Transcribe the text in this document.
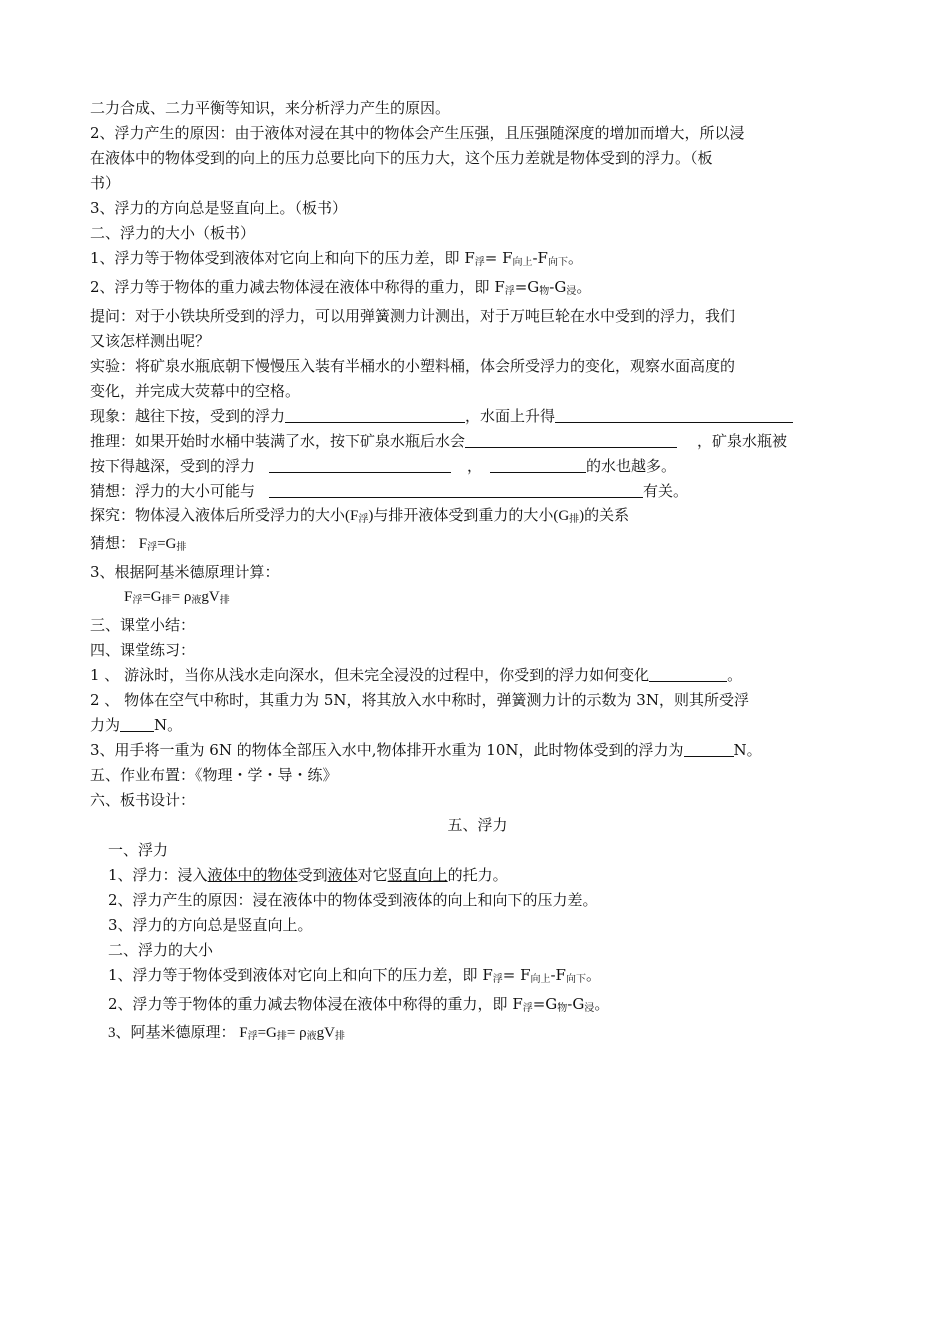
二力合成、二力平衡等知识，来分析浮力产生的原因。
2、浮力产生的原因：由于液体对浸在其中的物体会产生压强，且压强随深度的增加而增大，所以浸
在液体中的物体受到的向上的压力总要比向下的压力大，这个压力差就是物体受到的浮力。（板
书）
3、浮力的方向总是竖直向上。（板书）
二、浮力的大小（板书）
1、浮力等于物体受到液体对它向上和向下的压力差，即 $F_浮= F_{向上}-F_{向下}$。
2、浮力等于物体的重力减去物体浸在液体中称得的重力，即 $F_浮=G_物-G_浸$。
提问：对于小铁块所受到的浮力，可以用弹簧测力计测出，对于万吨巨轮在水中受到的浮力，我们
又该怎样测出呢？
实验：将矿泉水瓶底朝下慢慢压入装有半桶水的小塑料桶，体会所受浮力的变化，观察水面高度的
变化，并完成大荧幕中的空格。
现象：越往下按，受到的浮力	，水面上升得
推理：如果开始时水桶中装满了水，按下矿泉水瓶后水会	，矿泉水瓶被
按下得越深，受到的浮力	，	的水也越多。
猜想：浮力的大小可能与	有关。
探究：物体浸入液体后所受浮力的大小$(F_浮)$与排开液体受到重力的大小$(G_排)$的关系
猜想： $F_浮=G_排$
3、根据阿基米德原理计算：
$F_浮=G_排= \rho_液gV_排$
三、课堂小结：
四、课堂练习：
1 、 游泳时，当你从浅水走向深水，但未完全浸没的过程中，你受到的浮力如何变化	。
2 、 物体在空气中称时，其重力为 5N，将其放入水中称时，弹簧测力计的示数为 3N，则其所受浮
力为 N。
3、用手将一重为 6N 的物体全部压入水中,物体排开水重为 10N，此时物体受到的浮力为	N。
五、作业布置：《物理・学・导・练》
六、板书设计：
五、浮力
一、浮力
1、浮力：浸入液体中的物体受到液体对它竖直向上的托力。
2、浮力产生的原因：浸在液体中的物体受到液体的向上和向下的压力差。
3、浮力的方向总是竖直向上。
二、浮力的大小
1、浮力等于物体受到液体对它向上和向下的压力差，即 $F_浮= F_{向上}-F_{向下}$。
2、浮力等于物体的重力减去物体浸在液体中称得的重力，即 $F_浮=G_物-G_浸$。
3、阿基米德原理： $F_浮=G_排= \rho_液gV_排$
